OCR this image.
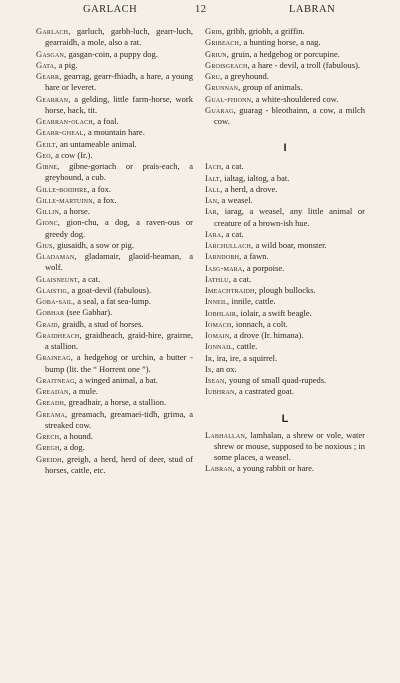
GARLACH	12	LABRAN

Garlach, garluch, garbh-luch, gearr-luch, gearraidh, a mole, also a rat.

Gasgan, gasgan-coin, a puppy dog.

Gata, a pig.

Gearr, gearrag, gearr-fhiadh, a hare, a young hare or leveret.

Gearran, a gelding, little farm-horse, work horse, hack, tit.

Gearran-olach, a foal.

Gearr-gheal, a mountain hare.

Geilt, an untameable animal.

Geo, a cow (Ir.).

Gibne, gibne-gortach or prais-each, a greyhound, a cub.

Gille-boidhre, a fox.

Gille-martuinn, a fox.

Gillin, a horse.

Gionc, gion-chu, a dog, a raven-ous or greedy dog.

Gius, giusaidh, a sow or pig.

Gladaman, gladamair, glaoid-heaman, a wolf.

Glaisneunt, a cat.

Glaistig, a goat-devil (fabulous).

Goba-sail, a seal, a fat sea-lump.

Gobhar (see Gabhar).

Graid, graidh, a stud of horses.

Graidheach, graidheach, graid-hire, grairne, a stallion.

Graineag, a hedgehog or urchin, a butter - bump (lit. the “ Horrent one ”).

Graitneag, a winged animal, a bat.

Greadan, a mule.

Greadh, greadhair, a horse, a stallion.

Greama, greamach, greamaei-tidh, grima, a streaked cow.

Grech, a hound.

Gregh, a dog.

Greidh, greigh, a herd, herd of deer, stud of horses, cattle, etc.

Grib, gribh, griobh, a griffin.

Gribeach, a hunting horse, a nag.

Griun, gruin, a hedgehog or porcupine.

Groisgeach, a hare - devil, a troll (fabulous).

Gru, a greyhound.

Grunnan, group of animals.

Gual-fhionn, a white-shouldered cow.

Guarag, guarag - bleothainn, a cow, a milch cow.

I

Iach, a cat.

Ialt, ialtag, ialtog, a bat.

Iall, a herd, a drove.

Ian, a weasel.

Iar, iarag, a weasel, any little animal or creature of a brown-ish hue.

Iara, a cat.

Iarchullach, a wild boar, monster.

Iarndobh, a fawn.

Iasg-mara, a porpoise.

Iathlu, a cat.

Imeachtraidh, plough bullocks.

Inneil, innile, cattle.

Iobhlair, iolair, a swift beagle.

Iomach, ionnach, a colt.

Iomain, a drove (Ir. himana).

Ionnail, cattle.

Ir, ira, ire, a squirrel.

Is, an ox.

Isean, young of small quad-rupeds.

Iubhran, a castrated goat.

L

Labhallan, lamhalan, a shrew or vole, water shrew or mouse, supposed to be noxious ; in some places, a weasel.

Labran, a young rabbit or hare.
